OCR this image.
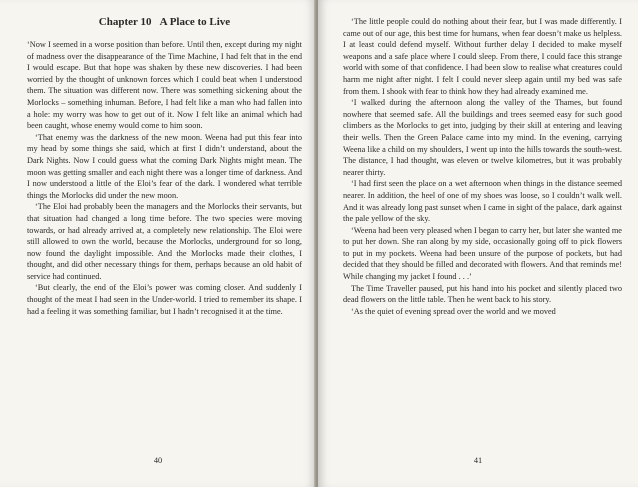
Chapter 10 A Place to Live

‘Now I seemed in a worse position than before. Until then, except during my night of madness over the disappearance of the Time Machine, I had felt that in the end I would escape. But that hope was shaken by these new discoveries. I had been worried by the thought of unknown forces which I could beat when I understood them. The situation was different now. There was something sickening about the Morlocks – something inhuman. Before, I had felt like a man who had fallen into a hole: my worry was how to get out of it. Now I felt like an animal which had been caught, whose enemy would come to him soon.

‘That enemy was the darkness of the new moon. Weena had put this fear into my head by some things she said, which at first I didn’t understand, about the Dark Nights. Now I could guess what the coming Dark Nights might mean. The moon was getting smaller and each night there was a longer time of darkness. And I now understood a little of the Eloi’s fear of the dark. I wondered what terrible things the Morlocks did under the new moon.

‘The Eloi had probably been the managers and the Morlocks their servants, but that situation had changed a long time before. The two species were moving towards, or had already arrived at, a completely new relationship. The Eloi were still allowed to own the world, because the Morlocks, underground for so long, now found the daylight impossible. And the Morlocks made their clothes, I thought, and did other necessary things for them, perhaps because an old habit of service had continued.

‘But clearly, the end of the Eloi’s power was coming closer. And suddenly I thought of the meat I had seen in the Under-world. I tried to remember its shape. I had a feeling it was something familiar, but I hadn’t recognised it at the time.

40

‘The little people could do nothing about their fear, but I was made differently. I came out of our age, this best time for humans, when fear doesn’t make us helpless. I at least could defend myself. Without further delay I decided to make myself weapons and a safe place where I could sleep. From there, I could face this strange world with some of that confidence. I had been slow to realise what creatures could harm me night after night. I felt I could never sleep again until my bed was safe from them. I shook with fear to think how they had already examined me.

‘I walked during the afternoon along the valley of the Thames, but found nowhere that seemed safe. All the buildings and trees seemed easy for such good climbers as the Morlocks to get into, judging by their skill at entering and leaving their wells. Then the Green Palace came into my mind. In the evening, carrying Weena like a child on my shoulders, I went up into the hills towards the south-west. The distance, I had thought, was eleven or twelve kilometres, but it was probably nearer thirty.

‘I had first seen the place on a wet afternoon when things in the distance seemed nearer. In addition, the heel of one of my shoes was loose, so I couldn’t walk well. And it was already long past sunset when I came in sight of the palace, dark against the pale yellow of the sky.

‘Weena had been very pleased when I began to carry her, but later she wanted me to put her down. She ran along by my side, occasionally going off to pick flowers to put in my pockets. Weena had been unsure of the purpose of pockets, but had decided that they should be filled and decorated with flowers. And that reminds me! While changing my jacket I found . . .’

The Time Traveller paused, put his hand into his pocket and silently placed two dead flowers on the little table. Then he went back to his story.

‘As the quiet of evening spread over the world and we moved

41
